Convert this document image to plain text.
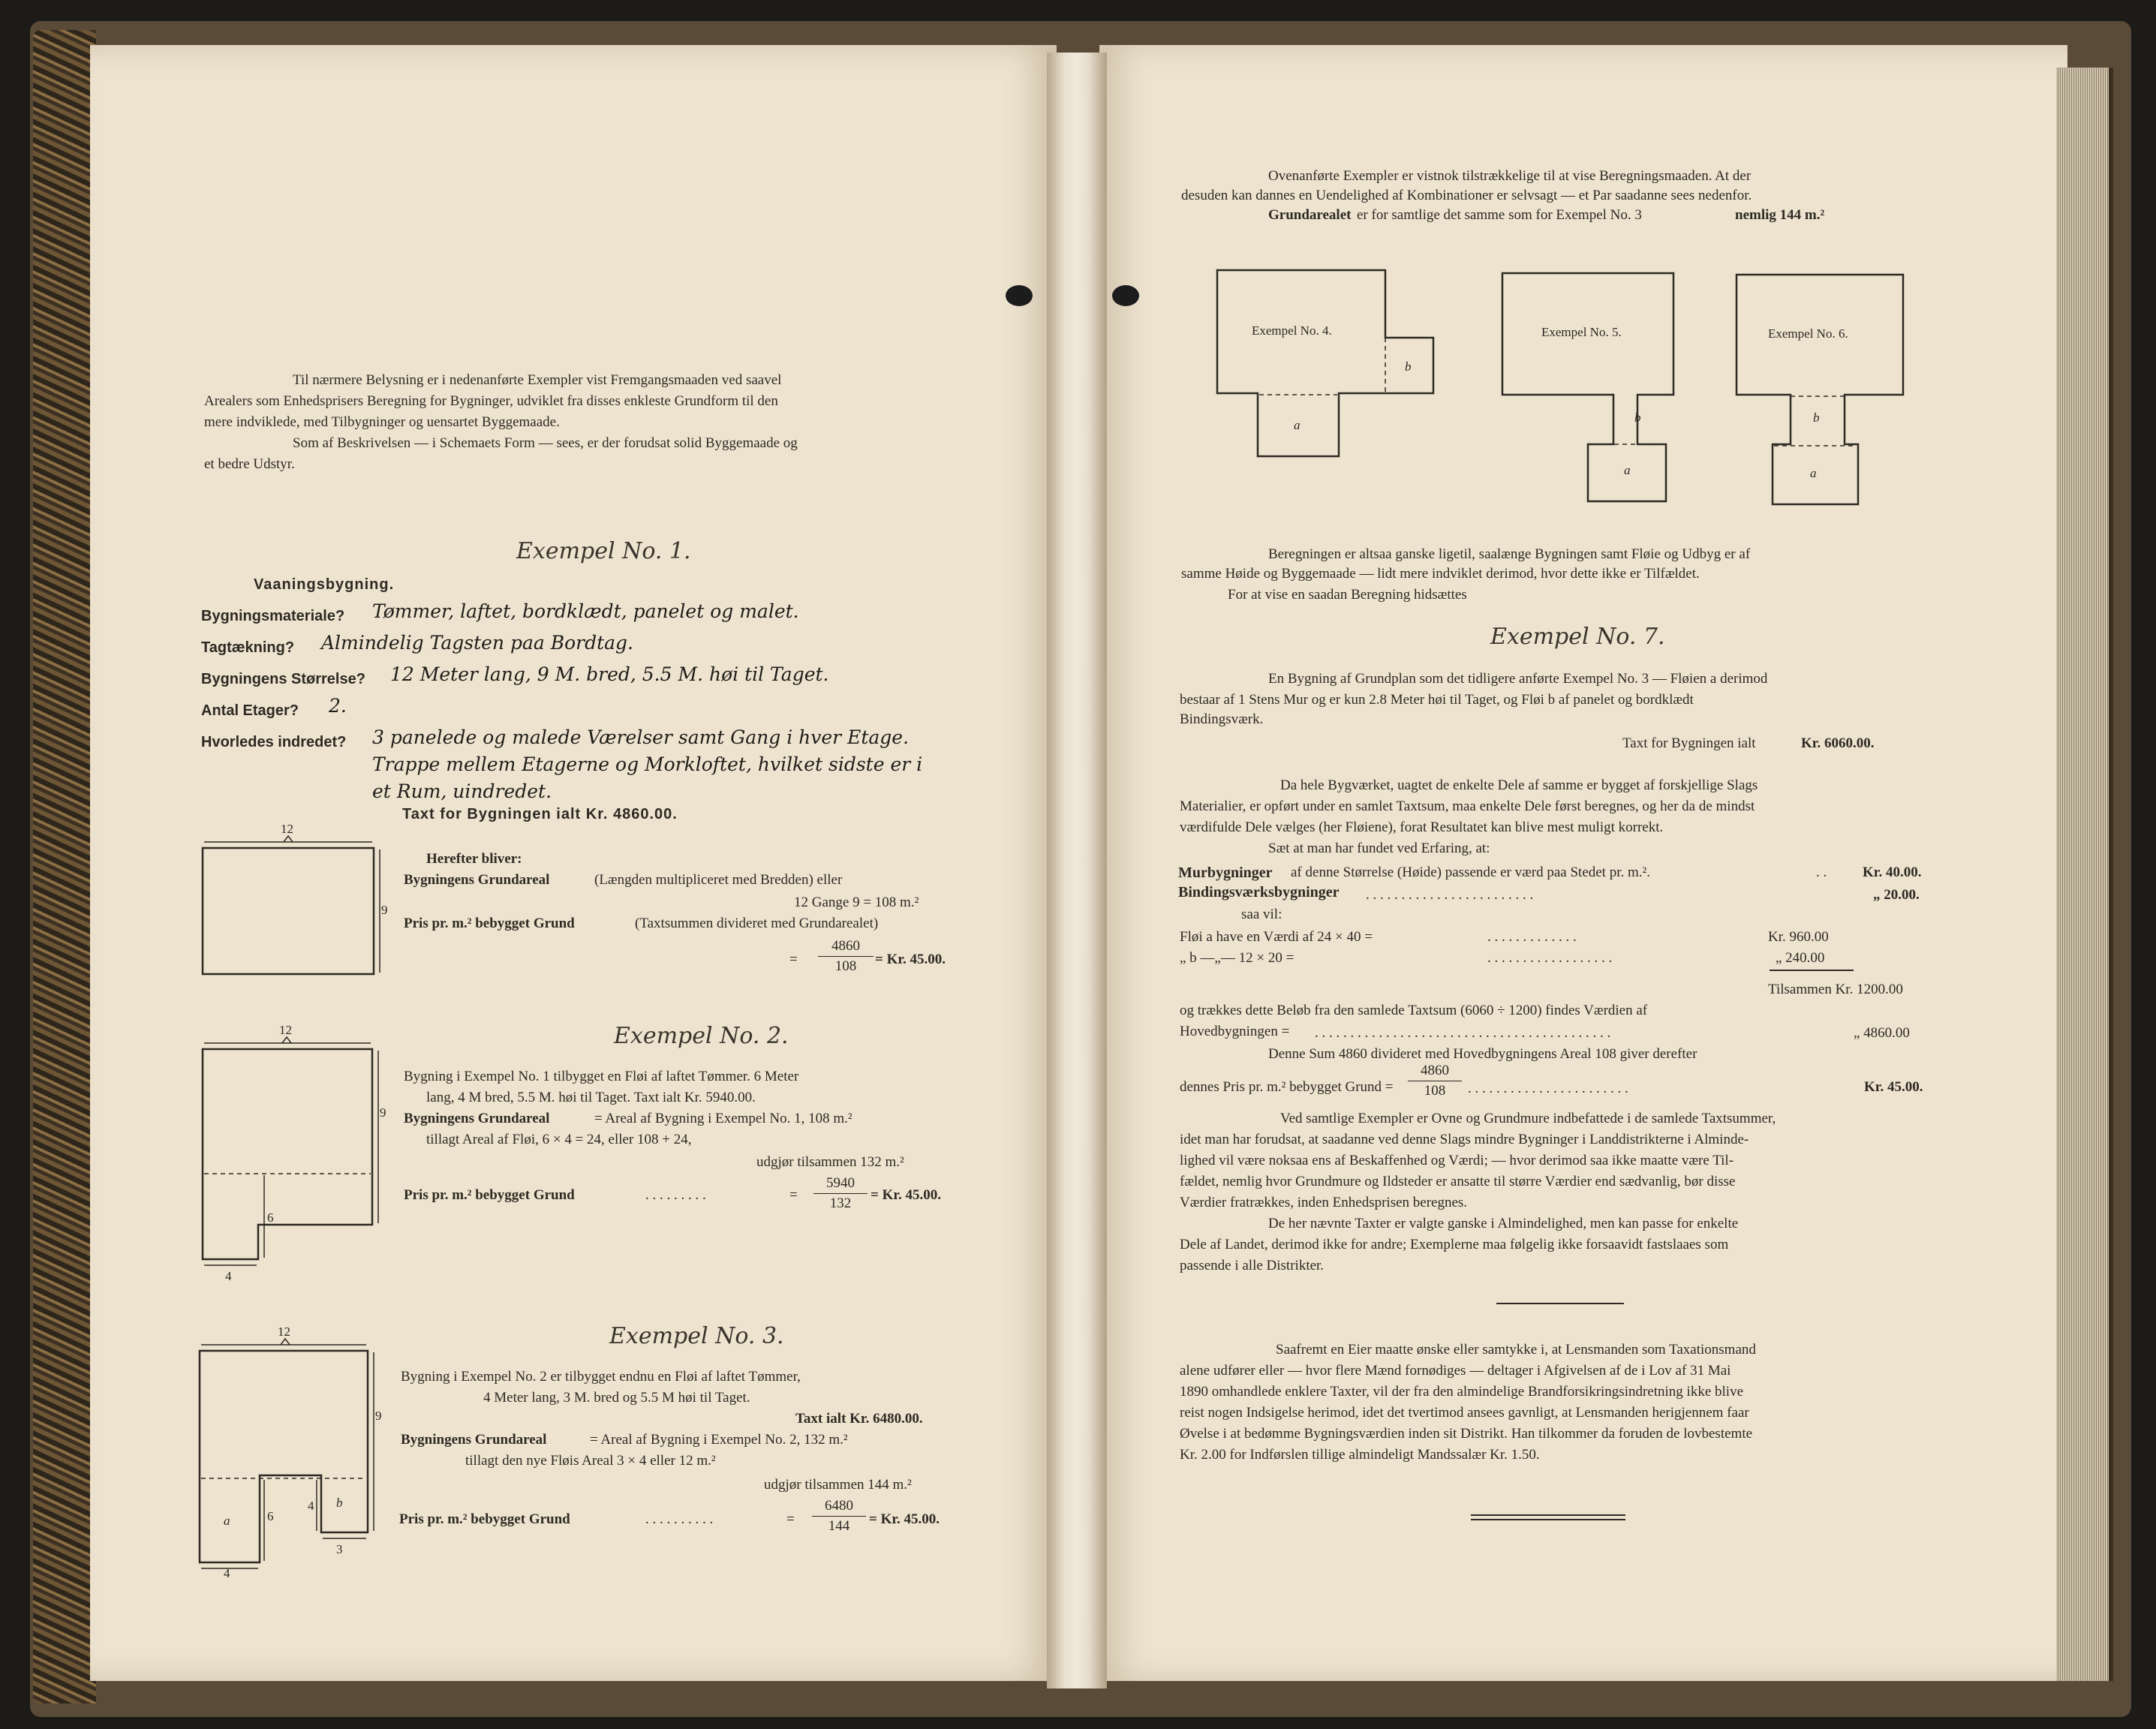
Til nærmere Belysning er i nedenanførte Exempler vist Fremgangsmaaden ved saavel
Arealers som Enhedsprisers Beregning for Bygninger, udviklet fra disses enkleste Grundform til den
mere indviklede, med Tilbygninger og uensartet Byggemaade.
Som af Beskrivelsen — i Schemaets Form — sees, er der forudsat solid Byggemaade og
et bedre Udstyr.
Exempel No. 1.
Vaaningsbygning.
Bygningsmateriale? Tømmer, laftet, bordklædt, panelet og malet.
Tagtækning? Almindelig Tagsten paa Bordtag.
Bygningens Størrelse? 12 Meter lang, 9 M. bred, 5.5 M. høi til Taget.
Antal Etager? 2.
Hvorledes indredet? 3 panelede og malede Værelser samt Gang i hver Etage.
Trappe mellem Etagerne og Morkloftet, hvilket sidste er i
et Rum, uindredet.
Taxt for Bygningen ialt Kr. 4860.00.
Herefter bliver:
Bygningens Grundareal	(Længden multipliceret med Bredden) eller
12 Gange 9 = 108 m.²
Pris pr. m.² bebygget Grund	(Taxtsummen divideret med Grundarealet)
= $\frac{4860}{108} = Kr$. 45.00.
Exempel No. 2.
Bygning i Exempel No. 1 tilbygget en Fløi af laftet Tømmer. 6 Meter
lang, 4 M bred, 5.5 M. høi til Taget. Taxt ialt Kr. 5940.00.
Bygningens Grundareal	= Areal af Bygning i Exempel No. 1, 108 m.²
tillagt Areal af Fløi, 6 × 4 = 24, eller 108 + 24,
udgjør tilsammen 132 m.²
Pris pr. m.² bebygget Grund	. . . . . . . . .	= $\frac{5940}{132} = Kr$. 45.00.
Exempel No. 3.
Bygning i Exempel No. 2 er tilbygget endnu en Fløi af laftet Tømmer,
4 Meter lang, 3 M. bred og 5.5 M høi til Taget.
Taxt ialt Kr. 6480.00.
Bygningens Grundareal	= Areal af Bygning i Exempel No. 2, 132 m.²
tillagt den nye Fløis Areal 3 × 4 eller 12 m.²
udgjør tilsammen 144 m.²
Pris pr. m.² bebygget Grund	. . . . . . . . . .	= $\frac{6480}{144} = Kr$. 45.00.
Ovenanførte Exempler er vistnok tilstrækkelige til at vise Beregningsmaaden. At der
desuden kan dannes en Uendelighed af Kombinationer er selvsagt — et Par saadanne sees nedenfor.
Grundarealet er for samtlige det samme som for Exempel No. 3	nemlig 144 m.²
Exempel No. 4.	Exempel No. 5.	Exempel No. 6.
Beregningen er altsaa ganske ligetil, saalænge Bygningen samt Fløie og Udbyg er af
samme Høide og Byggemaade — lidt mere indviklet derimod, hvor dette ikke er Tilfældet.
For at vise en saadan Beregning hidsættes
Exempel No. 7.
En Bygning af Grundplan som det tidligere anførte Exempel No. 3 — Fløien a derimod
bestaar af 1 Stens Mur og er kun 2.8 Meter høi til Taget, og Fløi b af panelet og bordklædt
Bindingsværk.
Taxt for Bygningen ialt	Kr. 6060.00.
Da hele Bygværket, uagtet de enkelte Dele af samme er bygget af forskjellige Slags
Materialier, er opført under en samlet Taxtsum, maa enkelte Dele først beregnes, og her da de mindst
værdifulde Dele vælges (her Fløiene), forat Resultatet kan blive mest muligt korrekt.
Sæt at man har fundet ved Erfaring, at:
Murbygninger af denne Størrelse (Høide) passende er værd paa Stedet pr. m.².	. .	Kr. 40.00.
Bindingsværksbygninger . . . . . . . . . . . . . . . . . . . . . . . .	„ 20.00.
saa vil:
Fløi a have en Værdi af 24 × 40 =	. . . . . . . . . . . . .	Kr. 960.00
„ b —„— 12 × 20 =	. . . . . . . . . . . . . . . . . .	„ 240.00
Tilsammen Kr. 1200.00
og trækkes dette Beløb fra den samlede Taxtsum (6060 ÷ 1200) findes Værdien af
Hovedbygningen = . . . . . . . . . . . . . . . . . . . . . . . . . . . . . . . . . . . . . . . . . .	„ 4860.00
Denne Sum 4860 divideret med Hovedbygningens Areal 108 giver derefter
dennes Pris pr. m.² bebygget Grund = $\frac{4860}{108}$ . . . . . . . . . . . . . . . . . . . . . . .	Kr. 45.00.
Ved samtlige Exempler er Ovne og Grundmure indbefattede i de samlede Taxtsummer,
idet man har forudsat, at saadanne ved denne Slags mindre Bygninger i Landdistrikterne i Alminde-
lighed vil være noksaa ens af Beskaffenhed og Værdi; — hvor derimod saa ikke maatte være Til-
fældet, nemlig hvor Grundmure og Ildsteder er ansatte til større Værdier end sædvanlig, bør disse
Værdier fratrækkes, inden Enhedsprisen beregnes.
De her nævnte Taxter er valgte ganske i Almindelighed, men kan passe for enkelte
Dele af Landet, derimod ikke for andre; Exemplerne maa følgelig ikke forsaavidt fastslaaes som
passende i alle Distrikter.
Saafremt en Eier maatte ønske eller samtykke i, at Lensmanden som Taxationsmand
alene udfører eller — hvor flere Mænd fornødiges — deltager i Afgivelsen af de i Lov af 31 Mai
1890 omhandlede enklere Taxter, vil der fra den almindelige Brandforsikringsindretning ikke blive
reist nogen Indsigelse herimod, idet det tvertimod ansees gavnligt, at Lensmanden herigjennem faar
Øvelse i at bedømme Bygningsværdien inden sit Distrikt. Han tilkommer da foruden de lovbestemte
Kr. 2.00 for Indførslen tillige almindeligt Mandssalær Kr. 1.50.
12
9
12
9
6
4
12
9
6
4
4
3
a
b
b
a
b
a
b
a
